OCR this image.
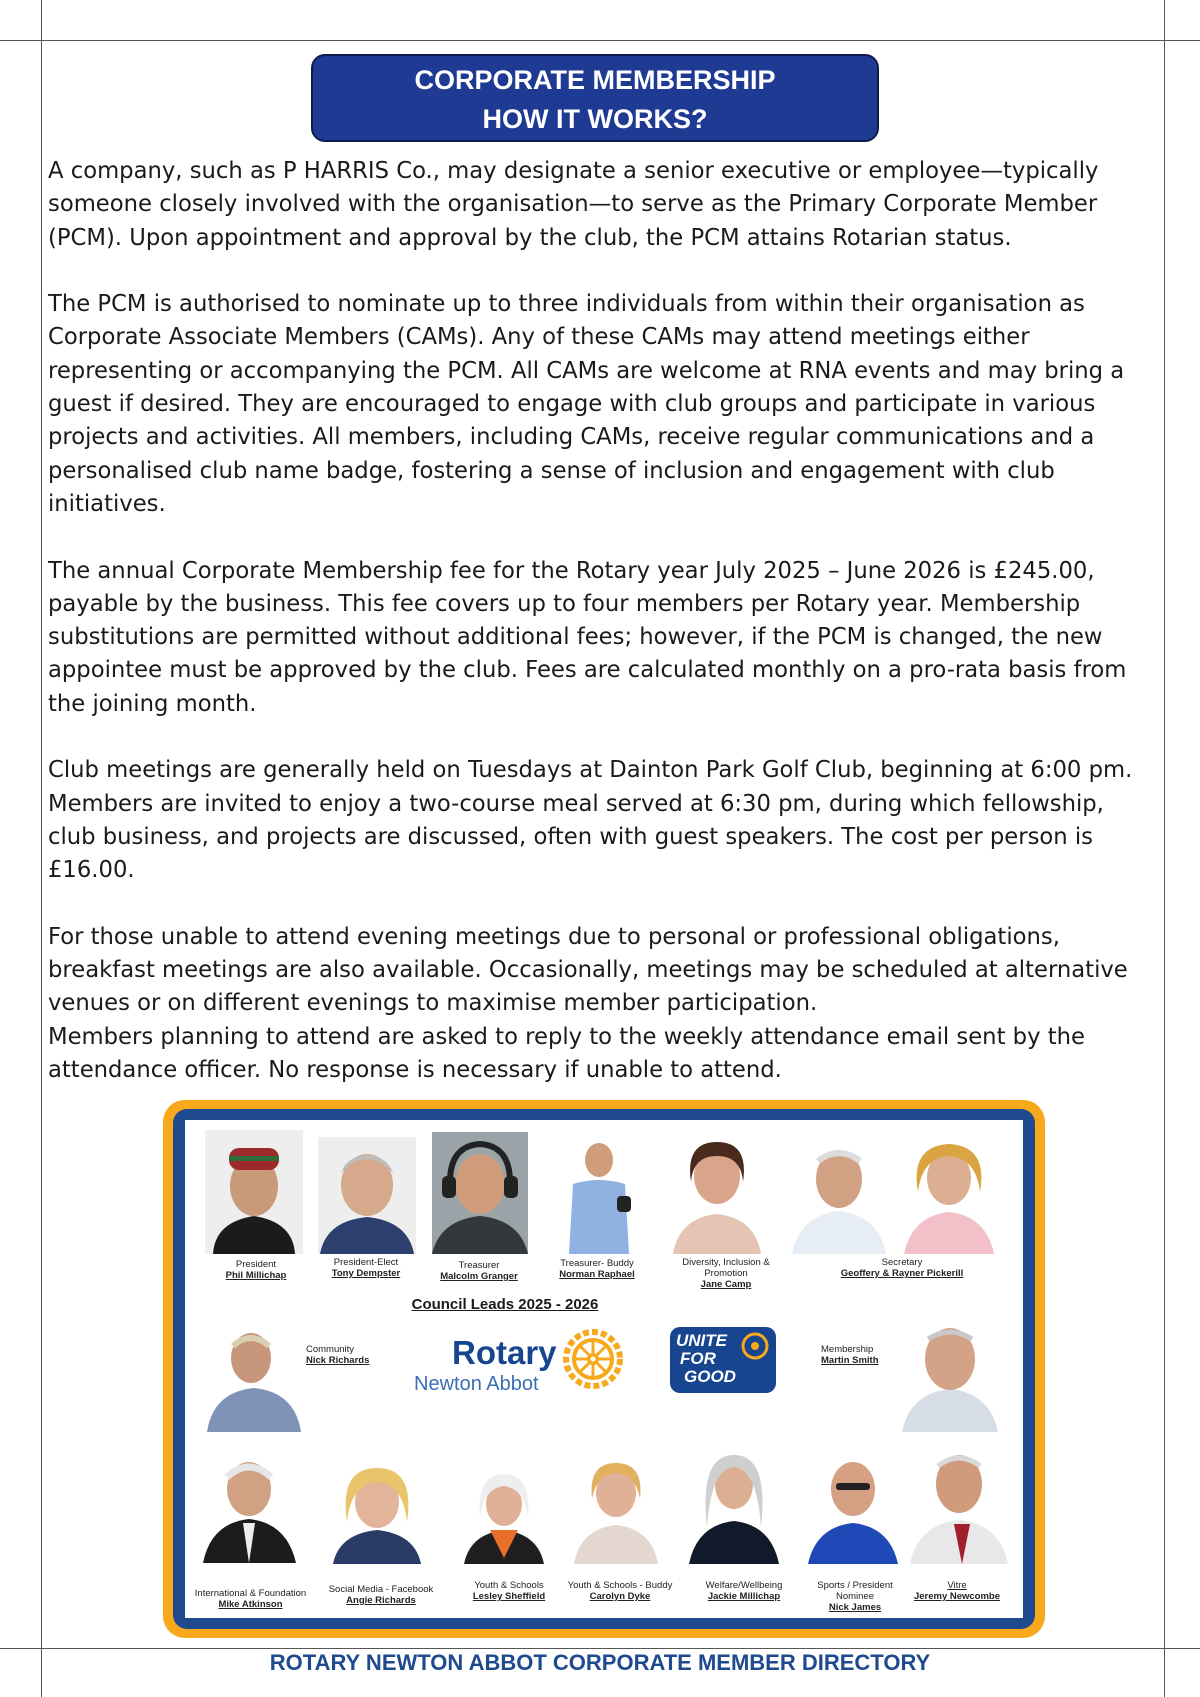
CORPORATE MEMBERSHIP
HOW IT WORKS?

A company, such as P HARRIS Co., may designate a senior executive or employee—typically someone closely involved with the organisation—to serve as the Primary Corporate Member (PCM). Upon appointment and approval by the club, the PCM attains Rotarian status.

The PCM is authorised to nominate up to three individuals from within their organisation as Corporate Associate Members (CAMs). Any of these CAMs may attend meetings either representing or accompanying the PCM. All CAMs are welcome at RNA events and may bring a guest if desired. They are encouraged to engage with club groups and participate in various projects and activities. All members, including CAMs, receive regular communications and a personalised club name badge, fostering a sense of inclusion and engagement with club initiatives.

The annual Corporate Membership fee for the Rotary year July 2025 – June 2026 is £245.00, payable by the business. This fee covers up to four members per Rotary year. Membership substitutions are permitted without additional fees; however, if the PCM is changed, the new appointee must be approved by the club. Fees are calculated monthly on a pro-rata basis from the joining month.

Club meetings are generally held on Tuesdays at Dainton Park Golf Club, beginning at 6:00 pm. Members are invited to enjoy a two-course meal served at 6:30 pm, during which fellowship, club business, and projects are discussed, often with guest speakers. The cost per person is £16.00.

For those unable to attend evening meetings due to personal or professional obligations, breakfast meetings are also available. Occasionally, meetings may be scheduled at alternative venues or on different evenings to maximise member participation.

Members planning to attend are asked to reply to the weekly attendance email sent by the attendance officer. No response is necessary if unable to attend.

President
Phil Millichap
President-Elect
Tony Dempster
Treasurer
Malcolm Granger
Treasurer- Buddy
Norman Raphael
Diversity, Inclusion & Promotion
Jane Camp
Secretary
Geoffery & Rayner Pickerill
Council Leads 2025 - 2026
Community
Nick Richards	Rotary
Newton Abbot
UNITE
FOR
GOOD
Membership
Martin Smith
International & Foundation
Mike Atkinson
Social Media - Facebook
Angie Richards
Youth & Schools
Lesley Sheffield
Youth & Schools - Buddy
Carolyn Dyke
Welfare/Wellbeing
Jackie Millichap
Sports / President Nominee
Nick James
Vitre
Jeremy Newcombe
ROTARY NEWTON ABBOT CORPORATE MEMBER DIRECTORY
